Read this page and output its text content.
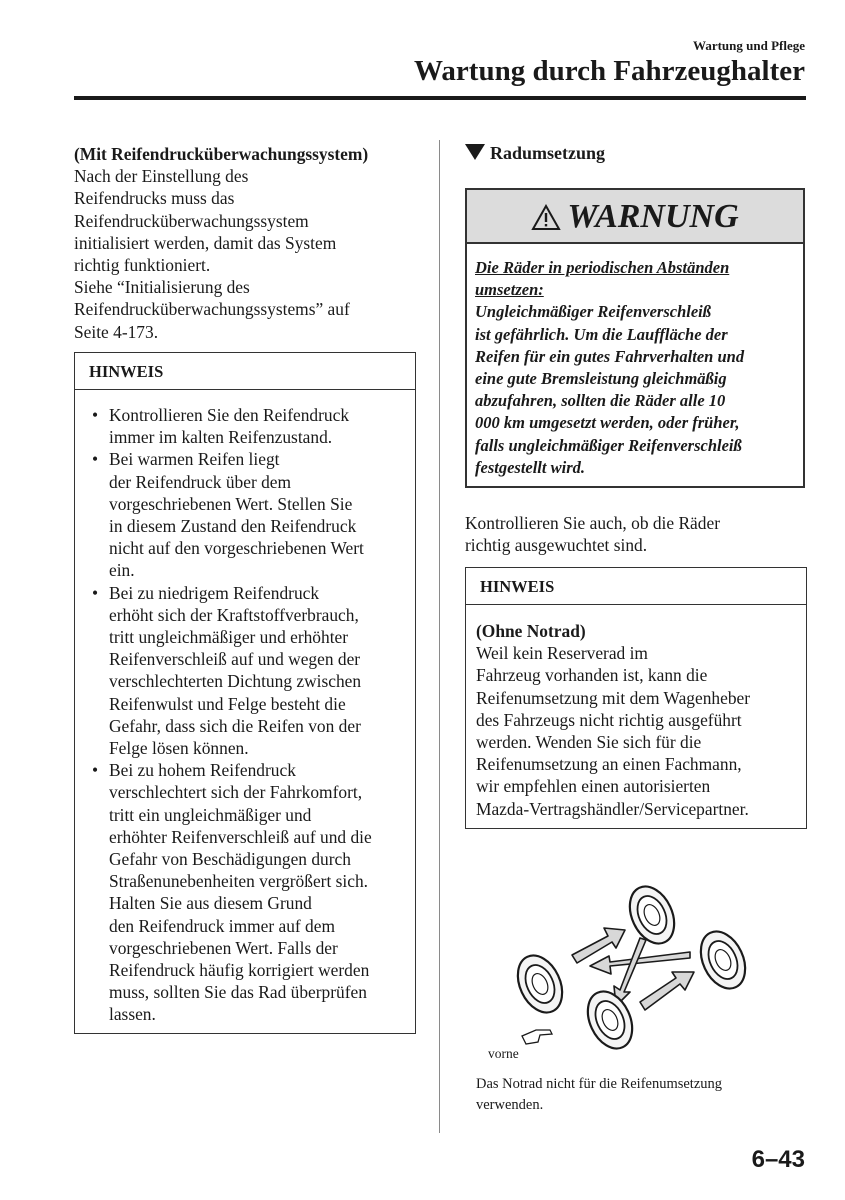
Wartung und Pflege
Wartung durch Fahrzeughalter
(Mit Reifendrucküberwachungssystem)
Nach der Einstellung des
Reifendrucks muss das
Reifendrucküberwachungssystem
initialisiert werden, damit das System
richtig funktioniert.
Siehe “Initialisierung des
Reifendrucküberwachungssystems” auf
Seite 4-173.
HINWEIS
• Kontrollieren Sie den Reifendruck
immer im kalten Reifenzustand.
• Bei warmen Reifen liegt
der Reifendruck über dem
vorgeschriebenen Wert. Stellen Sie
in diesem Zustand den Reifendruck
nicht auf den vorgeschriebenen Wert
ein.
• Bei zu niedrigem Reifendruck
erhöht sich der Kraftstoffverbrauch,
tritt ungleichmäßiger und erhöhter
Reifenverschleiß auf und wegen der
verschlechterten Dichtung zwischen
Reifenwulst und Felge besteht die
Gefahr, dass sich die Reifen von der
Felge lösen können.
• Bei zu hohem Reifendruck
verschlechtert sich der Fahrkomfort,
tritt ein ungleichmäßiger und
erhöhter Reifenverschleiß auf und die
Gefahr von Beschädigungen durch
Straßenunebenheiten vergrößert sich.
Halten Sie aus diesem Grund
den Reifendruck immer auf dem
vorgeschriebenen Wert. Falls der
Reifendruck häufig korrigiert werden
muss, sollten Sie das Rad überprüfen
lassen.
Radumsetzung
WARNUNG
Die Räder in periodischen Abständen
umsetzen:
Ungleichmäßiger Reifenverschleiß
ist gefährlich. Um die Lauffläche der
Reifen für ein gutes Fahrverhalten und
eine gute Bremsleistung gleichmäßig
abzufahren, sollten die Räder alle 10
000 km umgesetzt werden, oder früher,
falls ungleichmäßiger Reifenverschleiß
festgestellt wird.
Kontrollieren Sie auch, ob die Räder
richtig ausgewuchtet sind.
HINWEIS
(Ohne Notrad)
Weil kein Reserverad im
Fahrzeug vorhanden ist, kann die
Reifenumsetzung mit dem Wagenheber
des Fahrzeugs nicht richtig ausgeführt
werden. Wenden Sie sich für die
Reifenumsetzung an einen Fachmann,
wir empfehlen einen autorisierten
Mazda-Vertragshändler/Servicepartner.
vorne
Das Notrad nicht für die Reifenumsetzung
verwenden.
6–43
